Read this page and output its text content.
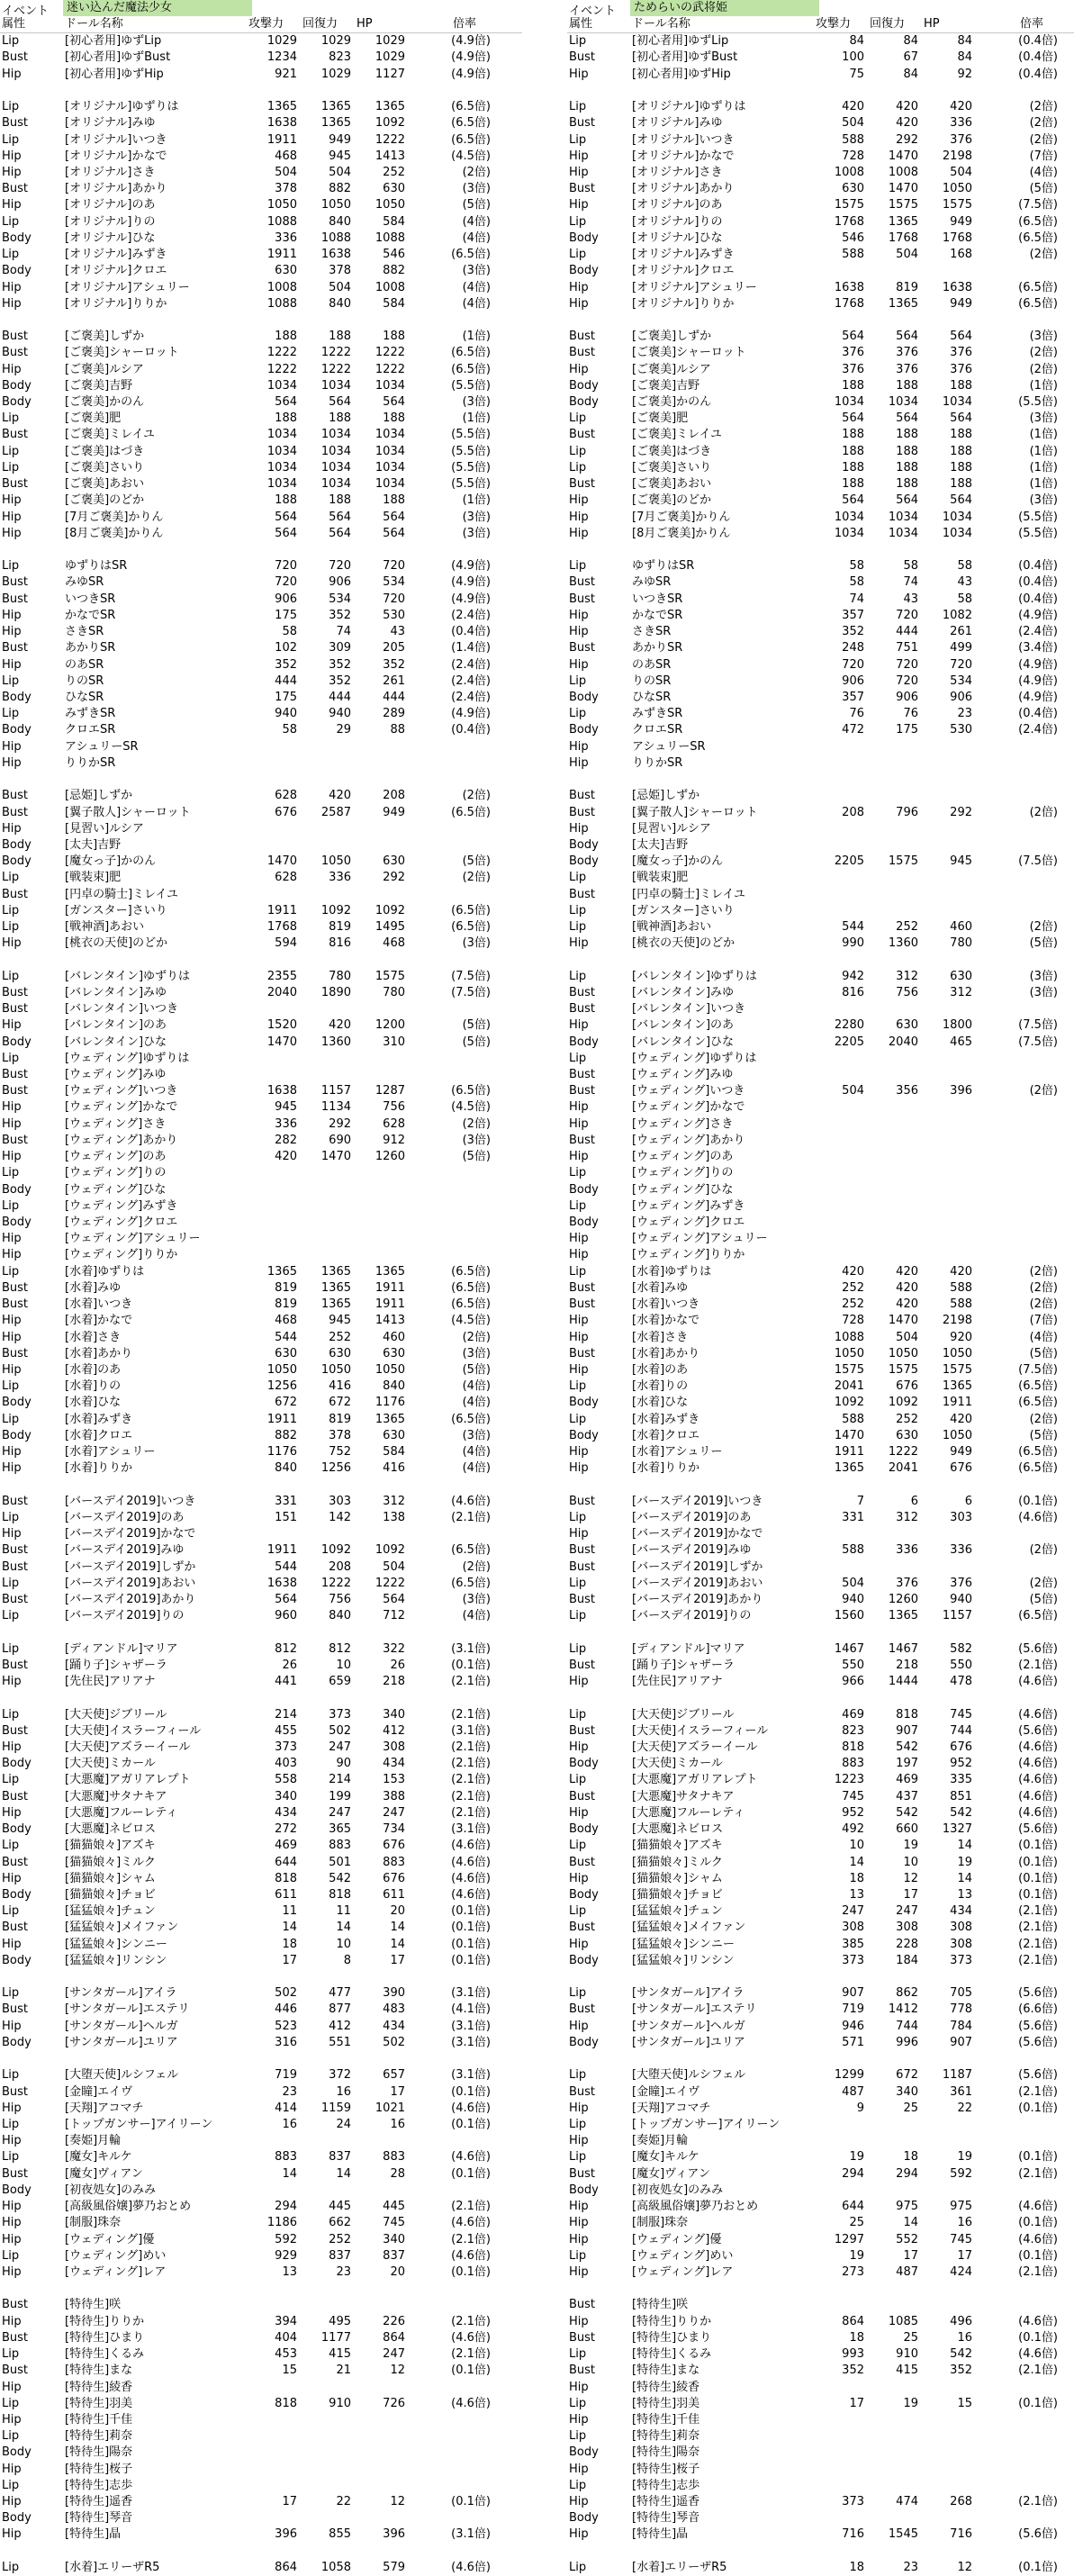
イベント	迷い込んだ魔法少女
属性	ドール名称	攻撃力	回復力	HP	倍率
Lip	[初心者用]ゆずLip	1029	1029	1029	(4.9倍)
Bust	[初心者用]ゆずBust	1234	823	1029	(4.9倍)
Hip	[初心者用]ゆずHip	921	1029	1127	(4.9倍)
Lip	[オリジナル]ゆずりは	1365	1365	1365	(6.5倍)
Bust	[オリジナル]みゆ	1638	1365	1092	(6.5倍)
Lip	[オリジナル]いつき	1911	949	1222	(6.5倍)
Hip	[オリジナル]かなで	468	945	1413	(4.5倍)
Hip	[オリジナル]さき	504	504	252	(2倍)
Bust	[オリジナル]あかり	378	882	630	(3倍)
Hip	[オリジナル]のあ	1050	1050	1050	(5倍)
Lip	[オリジナル]りの	1088	840	584	(4倍)
Body	[オリジナル]ひな	336	1088	1088	(4倍)
Lip	[オリジナル]みずき	1911	1638	546	(6.5倍)
Body	[オリジナル]クロエ	630	378	882	(3倍)
Hip	[オリジナル]アシュリー	1008	504	1008	(4倍)
Hip	[オリジナル]りりか	1088	840	584	(4倍)
Bust	[ご褒美]しずか	188	188	188	(1倍)
Bust	[ご褒美]シャーロット	1222	1222	1222	(6.5倍)
Hip	[ご褒美]ルシア	1222	1222	1222	(6.5倍)
Body	[ご褒美]吉野	1034	1034	1034	(5.5倍)
Body	[ご褒美]かのん	564	564	564	(3倍)
Lip	[ご褒美]肥	188	188	188	(1倍)
Bust	[ご褒美]ミレイユ	1034	1034	1034	(5.5倍)
Lip	[ご褒美]はづき	1034	1034	1034	(5.5倍)
Lip	[ご褒美]さいり	1034	1034	1034	(5.5倍)
Bust	[ご褒美]あおい	1034	1034	1034	(5.5倍)
Hip	[ご褒美]のどか	188	188	188	(1倍)
Hip	[7月ご褒美]かりん	564	564	564	(3倍)
Hip	[8月ご褒美]かりん	564	564	564	(3倍)
Lip	ゆずりはSR	720	720	720	(4.9倍)
Bust	みゆSR	720	906	534	(4.9倍)
Bust	いつきSR	906	534	720	(4.9倍)
Hip	かなでSR	175	352	530	(2.4倍)
Hip	さきSR	58	74	43	(0.4倍)
Bust	あかりSR	102	309	205	(1.4倍)
Hip	のあSR	352	352	352	(2.4倍)
Lip	りのSR	444	352	261	(2.4倍)
Body	ひなSR	175	444	444	(2.4倍)
Lip	みずきSR	940	940	289	(4.9倍)
Body	クロエSR	58	29	88	(0.4倍)
Hip	アシュリーSR
Hip	りりかSR
Bust	[忌姫]しずか	628	420	208	(2倍)
Bust	[翼子散人]シャーロット	676	2587	949	(6.5倍)
Hip	[見習い]ルシア
Body	[太夫]吉野
Body	[魔女っ子]かのん	1470	1050	630	(5倍)
Lip	[戦装束]肥	628	336	292	(2倍)
Bust	[円卓の騎士]ミレイユ
Lip	[ガンスター]さいり	1911	1092	1092	(6.5倍)
Lip	[戦神酒]あおい	1768	819	1495	(6.5倍)
Hip	[桃衣の天使]のどか	594	816	468	(3倍)
Lip	[バレンタイン]ゆずりは	2355	780	1575	(7.5倍)
Bust	[バレンタイン]みゆ	2040	1890	780	(7.5倍)
Bust	[バレンタイン]いつき
Hip	[バレンタイン]のあ	1520	420	1200	(5倍)
Body	[バレンタイン]ひな	1470	1360	310	(5倍)
Lip	[ウェディング]ゆずりは
Bust	[ウェディング]みゆ
Bust	[ウェディング]いつき	1638	1157	1287	(6.5倍)
Hip	[ウェディング]かなで	945	1134	756	(4.5倍)
Hip	[ウェディング]さき	336	292	628	(2倍)
Bust	[ウェディング]あかり	282	690	912	(3倍)
Hip	[ウェディング]のあ	420	1470	1260	(5倍)
Lip	[ウェディング]りの
Body	[ウェディング]ひな
Lip	[ウェディング]みずき
Body	[ウェディング]クロエ
Hip	[ウェディング]アシュリー
Hip	[ウェディング]りりか
Lip	[水着]ゆずりは	1365	1365	1365	(6.5倍)
Bust	[水着]みゆ	819	1365	1911	(6.5倍)
Bust	[水着]いつき	819	1365	1911	(6.5倍)
Hip	[水着]かなで	468	945	1413	(4.5倍)
Hip	[水着]さき	544	252	460	(2倍)
Bust	[水着]あかり	630	630	630	(3倍)
Hip	[水着]のあ	1050	1050	1050	(5倍)
Lip	[水着]りの	1256	416	840	(4倍)
Body	[水着]ひな	672	672	1176	(4倍)
Lip	[水着]みずき	1911	819	1365	(6.5倍)
Body	[水着]クロエ	882	378	630	(3倍)
Hip	[水着]アシュリー	1176	752	584	(4倍)
Hip	[水着]りりか	840	1256	416	(4倍)
Bust	[バースデイ2019]いつき	331	303	312	(4.6倍)
Lip	[バースデイ2019]のあ	151	142	138	(2.1倍)
Hip	[バースデイ2019]かなで
Bust	[バースデイ2019]みゆ	1911	1092	1092	(6.5倍)
Bust	[バースデイ2019]しずか	544	208	504	(2倍)
Lip	[バースデイ2019]あおい	1638	1222	1222	(6.5倍)
Bust	[バースデイ2019]あかり	564	756	564	(3倍)
Lip	[バースデイ2019]りの	960	840	712	(4倍)
Lip	[ディアンドル]マリア	812	812	322	(3.1倍)
Bust	[踊り子]シャザーラ	26	10	26	(0.1倍)
Hip	[先住民]アリアナ	441	659	218	(2.1倍)
Lip	[大天使]ジブリール	214	373	340	(2.1倍)
Bust	[大天使]イスラーフィール	455	502	412	(3.1倍)
Hip	[大天使]アズラーイール	373	247	308	(2.1倍)
Body	[大天使]ミカール	403	90	434	(2.1倍)
Lip	[大悪魔]アガリアレプト	558	214	153	(2.1倍)
Bust	[大悪魔]サタナキア	340	199	388	(2.1倍)
Hip	[大悪魔]フルーレティ	434	247	247	(2.1倍)
Body	[大悪魔]ネビロス	272	365	734	(3.1倍)
Lip	[猫猫娘々]アズキ	469	883	676	(4.6倍)
Bust	[猫猫娘々]ミルク	644	501	883	(4.6倍)
Hip	[猫猫娘々]シャム	818	542	676	(4.6倍)
Body	[猫猫娘々]チョビ	611	818	611	(4.6倍)
Lip	[猛猛娘々]チュン	11	11	20	(0.1倍)
Bust	[猛猛娘々]メイファン	14	14	14	(0.1倍)
Hip	[猛猛娘々]シンニー	18	10	14	(0.1倍)
Body	[猛猛娘々]リンシン	17	8	17	(0.1倍)
Lip	[サンタガール]アイラ	502	477	390	(3.1倍)
Bust	[サンタガール]エステリ	446	877	483	(4.1倍)
Hip	[サンタガール]ヘルガ	523	412	434	(3.1倍)
Body	[サンタガール]ユリア	316	551	502	(3.1倍)
Lip	[大堕天使]ルシフェル	719	372	657	(3.1倍)
Bust	[金瞳]エイヴ	23	16	17	(0.1倍)
Hip	[天翔]アコマチ	414	1159	1021	(4.6倍)
Lip	[トップガンサー]アイリーン	16	24	16	(0.1倍)
Hip	[奏姫]月輪
Lip	[魔女]キルケ	883	837	883	(4.6倍)
Bust	[魔女]ヴィアン	14	14	28	(0.1倍)
Body	[初夜処女]のみみ
Hip	[高級風俗嬢]夢乃おとめ	294	445	445	(2.1倍)
Hip	[制服]珠奈	1186	662	745	(4.6倍)
Hip	[ウェディング]優	592	252	340	(2.1倍)
Lip	[ウェディング]めい	929	837	837	(4.6倍)
Hip	[ウェディング]レア	13	23	20	(0.1倍)
Bust	[特待生]咲
Hip	[特待生]りりか	394	495	226	(2.1倍)
Bust	[特待生]ひまり	404	1177	864	(4.6倍)
Lip	[特待生]くるみ	453	415	247	(2.1倍)
Bust	[特待生]まな	15	21	12	(0.1倍)
Hip	[特待生]綾香
Lip	[特待生]羽美	818	910	726	(4.6倍)
Hip	[特待生]千佳
Lip	[特待生]莉奈
Body	[特待生]陽奈
Hip	[特待生]桜子
Lip	[特待生]志歩
Hip	[特待生]遥香	17	22	12	(0.1倍)
Body	[特待生]琴音
Hip	[特待生]晶	396	855	396	(3.1倍)
Lip	[水着]エリーザR5	864	1058	579	(4.6倍)
イベント	ためらいの武将姫
属性	ドール名称	攻撃力	回復力	HP	倍率
Lip	[初心者用]ゆずLip	84	84	84	(0.4倍)
Bust	[初心者用]ゆずBust	100	67	84	(0.4倍)
Hip	[初心者用]ゆずHip	75	84	92	(0.4倍)
Lip	[オリジナル]ゆずりは	420	420	420	(2倍)
Bust	[オリジナル]みゆ	504	420	336	(2倍)
Lip	[オリジナル]いつき	588	292	376	(2倍)
Hip	[オリジナル]かなで	728	1470	2198	(7倍)
Hip	[オリジナル]さき	1008	1008	504	(4倍)
Bust	[オリジナル]あかり	630	1470	1050	(5倍)
Hip	[オリジナル]のあ	1575	1575	1575	(7.5倍)
Lip	[オリジナル]りの	1768	1365	949	(6.5倍)
Body	[オリジナル]ひな	546	1768	1768	(6.5倍)
Lip	[オリジナル]みずき	588	504	168	(2倍)
Body	[オリジナル]クロエ
Hip	[オリジナル]アシュリー	1638	819	1638	(6.5倍)
Hip	[オリジナル]りりか	1768	1365	949	(6.5倍)
Bust	[ご褒美]しずか	564	564	564	(3倍)
Bust	[ご褒美]シャーロット	376	376	376	(2倍)
Hip	[ご褒美]ルシア	376	376	376	(2倍)
Body	[ご褒美]吉野	188	188	188	(1倍)
Body	[ご褒美]かのん	1034	1034	1034	(5.5倍)
Lip	[ご褒美]肥	564	564	564	(3倍)
Bust	[ご褒美]ミレイユ	188	188	188	(1倍)
Lip	[ご褒美]はづき	188	188	188	(1倍)
Lip	[ご褒美]さいり	188	188	188	(1倍)
Bust	[ご褒美]あおい	188	188	188	(1倍)
Hip	[ご褒美]のどか	564	564	564	(3倍)
Hip	[7月ご褒美]かりん	1034	1034	1034	(5.5倍)
Hip	[8月ご褒美]かりん	1034	1034	1034	(5.5倍)
Lip	ゆずりはSR	58	58	58	(0.4倍)
Bust	みゆSR	58	74	43	(0.4倍)
Bust	いつきSR	74	43	58	(0.4倍)
Hip	かなでSR	357	720	1082	(4.9倍)
Hip	さきSR	352	444	261	(2.4倍)
Bust	あかりSR	248	751	499	(3.4倍)
Hip	のあSR	720	720	720	(4.9倍)
Lip	りのSR	906	720	534	(4.9倍)
Body	ひなSR	357	906	906	(4.9倍)
Lip	みずきSR	76	76	23	(0.4倍)
Body	クロエSR	472	175	530	(2.4倍)
Hip	アシュリーSR
Hip	りりかSR
Bust	[忌姫]しずか
Bust	[翼子散人]シャーロット	208	796	292	(2倍)
Hip	[見習い]ルシア
Body	[太夫]吉野
Body	[魔女っ子]かのん	2205	1575	945	(7.5倍)
Lip	[戦装束]肥
Bust	[円卓の騎士]ミレイユ
Lip	[ガンスター]さいり
Lip	[戦神酒]あおい	544	252	460	(2倍)
Hip	[桃衣の天使]のどか	990	1360	780	(5倍)
Lip	[バレンタイン]ゆずりは	942	312	630	(3倍)
Bust	[バレンタイン]みゆ	816	756	312	(3倍)
Bust	[バレンタイン]いつき
Hip	[バレンタイン]のあ	2280	630	1800	(7.5倍)
Body	[バレンタイン]ひな	2205	2040	465	(7.5倍)
Lip	[ウェディング]ゆずりは
Bust	[ウェディング]みゆ
Bust	[ウェディング]いつき	504	356	396	(2倍)
Hip	[ウェディング]かなで
Hip	[ウェディング]さき
Bust	[ウェディング]あかり
Hip	[ウェディング]のあ
Lip	[ウェディング]りの
Body	[ウェディング]ひな
Lip	[ウェディング]みずき
Body	[ウェディング]クロエ
Hip	[ウェディング]アシュリー
Hip	[ウェディング]りりか
Lip	[水着]ゆずりは	420	420	420	(2倍)
Bust	[水着]みゆ	252	420	588	(2倍)
Bust	[水着]いつき	252	420	588	(2倍)
Hip	[水着]かなで	728	1470	2198	(7倍)
Hip	[水着]さき	1088	504	920	(4倍)
Bust	[水着]あかり	1050	1050	1050	(5倍)
Hip	[水着]のあ	1575	1575	1575	(7.5倍)
Lip	[水着]りの	2041	676	1365	(6.5倍)
Body	[水着]ひな	1092	1092	1911	(6.5倍)
Lip	[水着]みずき	588	252	420	(2倍)
Body	[水着]クロエ	1470	630	1050	(5倍)
Hip	[水着]アシュリー	1911	1222	949	(6.5倍)
Hip	[水着]りりか	1365	2041	676	(6.5倍)
Bust	[バースデイ2019]いつき	7	6	6	(0.1倍)
Lip	[バースデイ2019]のあ	331	312	303	(4.6倍)
Hip	[バースデイ2019]かなで
Bust	[バースデイ2019]みゆ	588	336	336	(2倍)
Bust	[バースデイ2019]しずか
Lip	[バースデイ2019]あおい	504	376	376	(2倍)
Bust	[バースデイ2019]あかり	940	1260	940	(5倍)
Lip	[バースデイ2019]りの	1560	1365	1157	(6.5倍)
Lip	[ディアンドル]マリア	1467	1467	582	(5.6倍)
Bust	[踊り子]シャザーラ	550	218	550	(2.1倍)
Hip	[先住民]アリアナ	966	1444	478	(4.6倍)
Lip	[大天使]ジブリール	469	818	745	(4.6倍)
Bust	[大天使]イスラーフィール	823	907	744	(5.6倍)
Hip	[大天使]アズラーイール	818	542	676	(4.6倍)
Body	[大天使]ミカール	883	197	952	(4.6倍)
Lip	[大悪魔]アガリアレプト	1223	469	335	(4.6倍)
Bust	[大悪魔]サタナキア	745	437	851	(4.6倍)
Hip	[大悪魔]フルーレティ	952	542	542	(4.6倍)
Body	[大悪魔]ネビロス	492	660	1327	(5.6倍)
Lip	[猫猫娘々]アズキ	10	19	14	(0.1倍)
Bust	[猫猫娘々]ミルク	14	10	19	(0.1倍)
Hip	[猫猫娘々]シャム	18	12	14	(0.1倍)
Body	[猫猫娘々]チョビ	13	17	13	(0.1倍)
Lip	[猛猛娘々]チュン	247	247	434	(2.1倍)
Bust	[猛猛娘々]メイファン	308	308	308	(2.1倍)
Hip	[猛猛娘々]シンニー	385	228	308	(2.1倍)
Body	[猛猛娘々]リンシン	373	184	373	(2.1倍)
Lip	[サンタガール]アイラ	907	862	705	(5.6倍)
Bust	[サンタガール]エステリ	719	1412	778	(6.6倍)
Hip	[サンタガール]ヘルガ	946	744	784	(5.6倍)
Body	[サンタガール]ユリア	571	996	907	(5.6倍)
Lip	[大堕天使]ルシフェル	1299	672	1187	(5.6倍)
Bust	[金瞳]エイヴ	487	340	361	(2.1倍)
Hip	[天翔]アコマチ	9	25	22	(0.1倍)
Lip	[トップガンサー]アイリーン
Hip	[奏姫]月輪
Lip	[魔女]キルケ	19	18	19	(0.1倍)
Bust	[魔女]ヴィアン	294	294	592	(2.1倍)
Body	[初夜処女]のみみ
Hip	[高級風俗嬢]夢乃おとめ	644	975	975	(4.6倍)
Hip	[制服]珠奈	25	14	16	(0.1倍)
Hip	[ウェディング]優	1297	552	745	(4.6倍)
Lip	[ウェディング]めい	19	17	17	(0.1倍)
Hip	[ウェディング]レア	273	487	424	(2.1倍)
Bust	[特待生]咲
Hip	[特待生]りりか	864	1085	496	(4.6倍)
Bust	[特待生]ひまり	18	25	16	(0.1倍)
Lip	[特待生]くるみ	993	910	542	(4.6倍)
Bust	[特待生]まな	352	415	352	(2.1倍)
Hip	[特待生]綾香
Lip	[特待生]羽美	17	19	15	(0.1倍)
Hip	[特待生]千佳
Lip	[特待生]莉奈
Body	[特待生]陽奈
Hip	[特待生]桜子
Lip	[特待生]志歩
Hip	[特待生]遥香	373	474	268	(2.1倍)
Body	[特待生]琴音
Hip	[特待生]晶	716	1545	716	(5.6倍)
Lip	[水着]エリーザR5	18	23	12	(0.1倍)
